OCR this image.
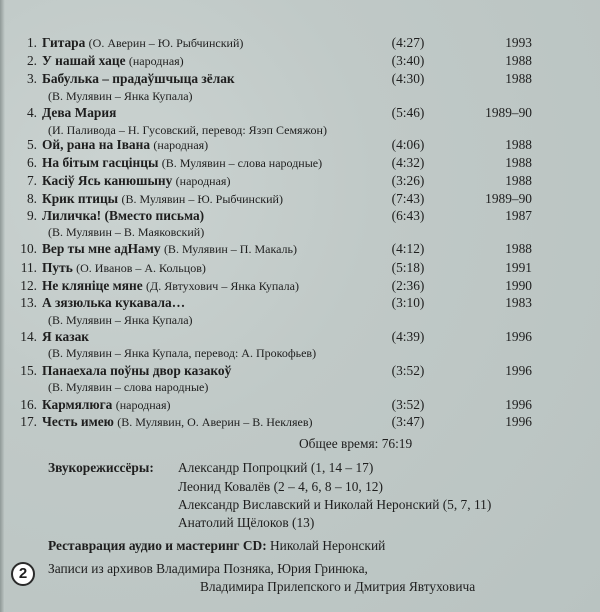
1. Гитара (О. Аверин – Ю. Рыбчинский)	(4:27)	1993
2. У нашай хаце (народная)	(3:40)	1988
3. Бабулька – прадаўшчыца зёлак	(4:30)	1988
(В. Мулявин – Янка Купала)
4. Дева Мария	(5:46)	1989–90
(И. Паливода – Н. Гусовский, перевод: Язэп Семяжон)
5. Ой, рана на Івана (народная)	(4:06)	1988
6. На бітым гасцінцы (В. Мулявин – слова народные)	(4:32)	1988
7. Касіў Ясь канюшыну (народная)	(3:26)	1988
8. Крик птицы (В. Мулявин – Ю. Рыбчинский)	(7:43)	1989–90
9. Лиличка! (Вместо письма)	(6:43)	1987
(В. Мулявин – В. Маяковский)
10. Вер ты мне адНаму (В. Мулявин – П. Макаль)	(4:12)	1988
11. Путь (О. Иванов – А. Кольцов)	(5:18)	1991
12. Не кляніце мяне (Д. Явтухович – Янка Купала)	(2:36)	1990
13. А зязюлька кукавала…	(3:10)	1983
(В. Мулявин – Янка Купала)
14. Я казак	(4:39)	1996
(В. Мулявин – Янка Купала, перевод: А. Прокофьев)
15. Панаехала поўны двор казакоў	(3:52)	1996
(В. Мулявин – слова народные)
16. Кармялюга (народная)	(3:52)	1996
17. Честь имею (В. Мулявин, О. Аверин – В. Некляев)	(3:47)	1996
Общее время: 76:19
Звукорежиссёры: Александр Попроцкий (1, 14 – 17)
Леонид Ковалёв (2 – 4, 6, 8 – 10, 12)
Александр Виславский и Николай Неронский (5, 7, 11)
Анатолий Щёлоков (13)
Реставрация аудио и мастеринг CD: Николай Неронский
Записи из архивов Владимира Позняка, Юрия Гринюка,
Владимира Прилепского и Дмитрия Явтуховича
2
